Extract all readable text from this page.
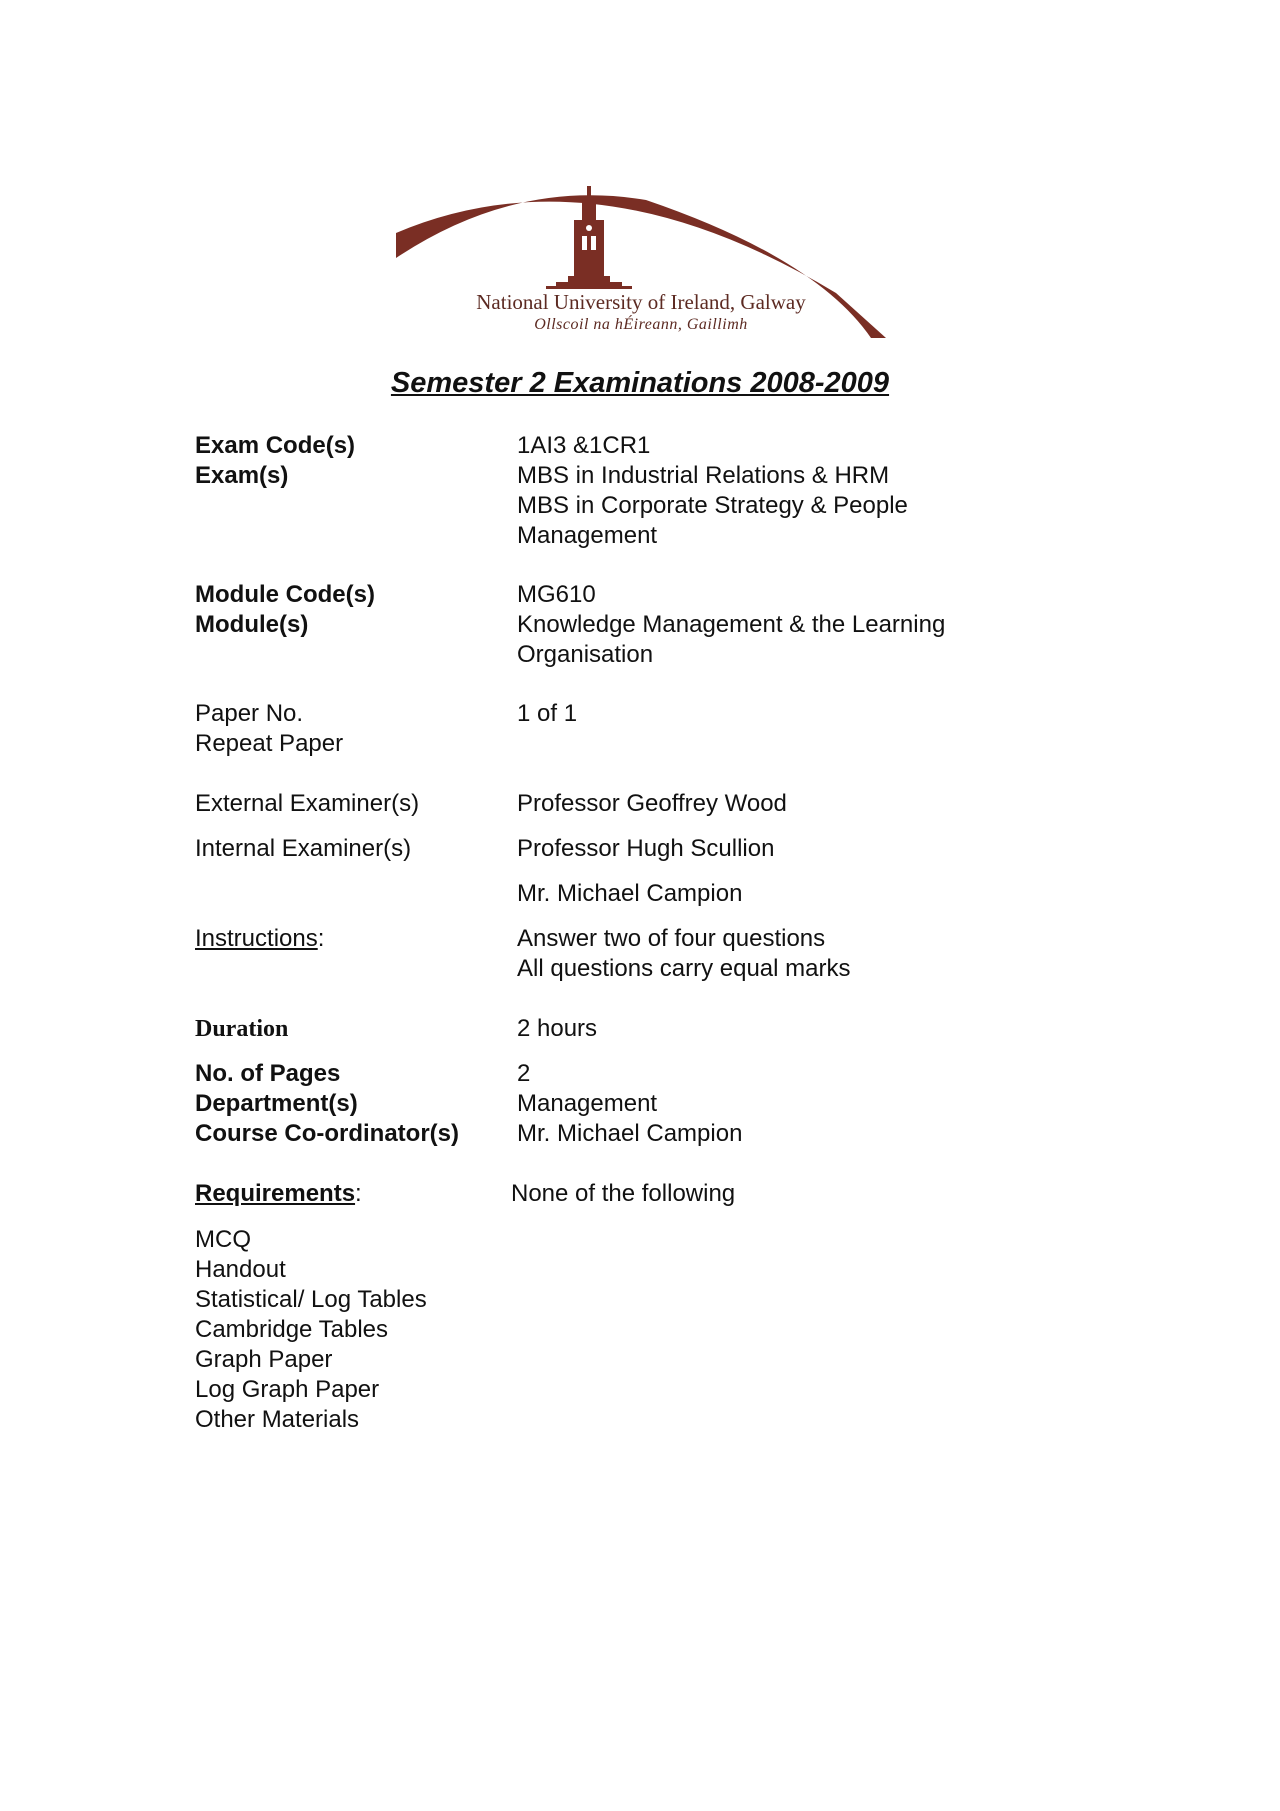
National University of Ireland, Galway
Ollscoil na hÉireann, Gaillimh
Semester 2 Examinations 2008-2009
Exam Code(s)	1AI3 &1CR1
Exam(s)	MBS in Industrial Relations & HRM
MBS in Corporate Strategy & People
Management
Module Code(s)	MG610
Module(s)	Knowledge Management & the Learning
Organisation
Paper No.	1 of 1
Repeat Paper
External Examiner(s)	Professor Geoffrey Wood
Internal Examiner(s)	Professor Hugh Scullion
Mr. Michael Campion
Instructions:	Answer two of four questions
All questions carry equal marks
Duration	2 hours
No. of Pages	2
Department(s)	Management
Course Co-ordinator(s) Mr. Michael Campion
Requirements:	None of the following
MCQ
Handout
Statistical/ Log Tables
Cambridge Tables
Graph Paper
Log Graph Paper
Other Materials
